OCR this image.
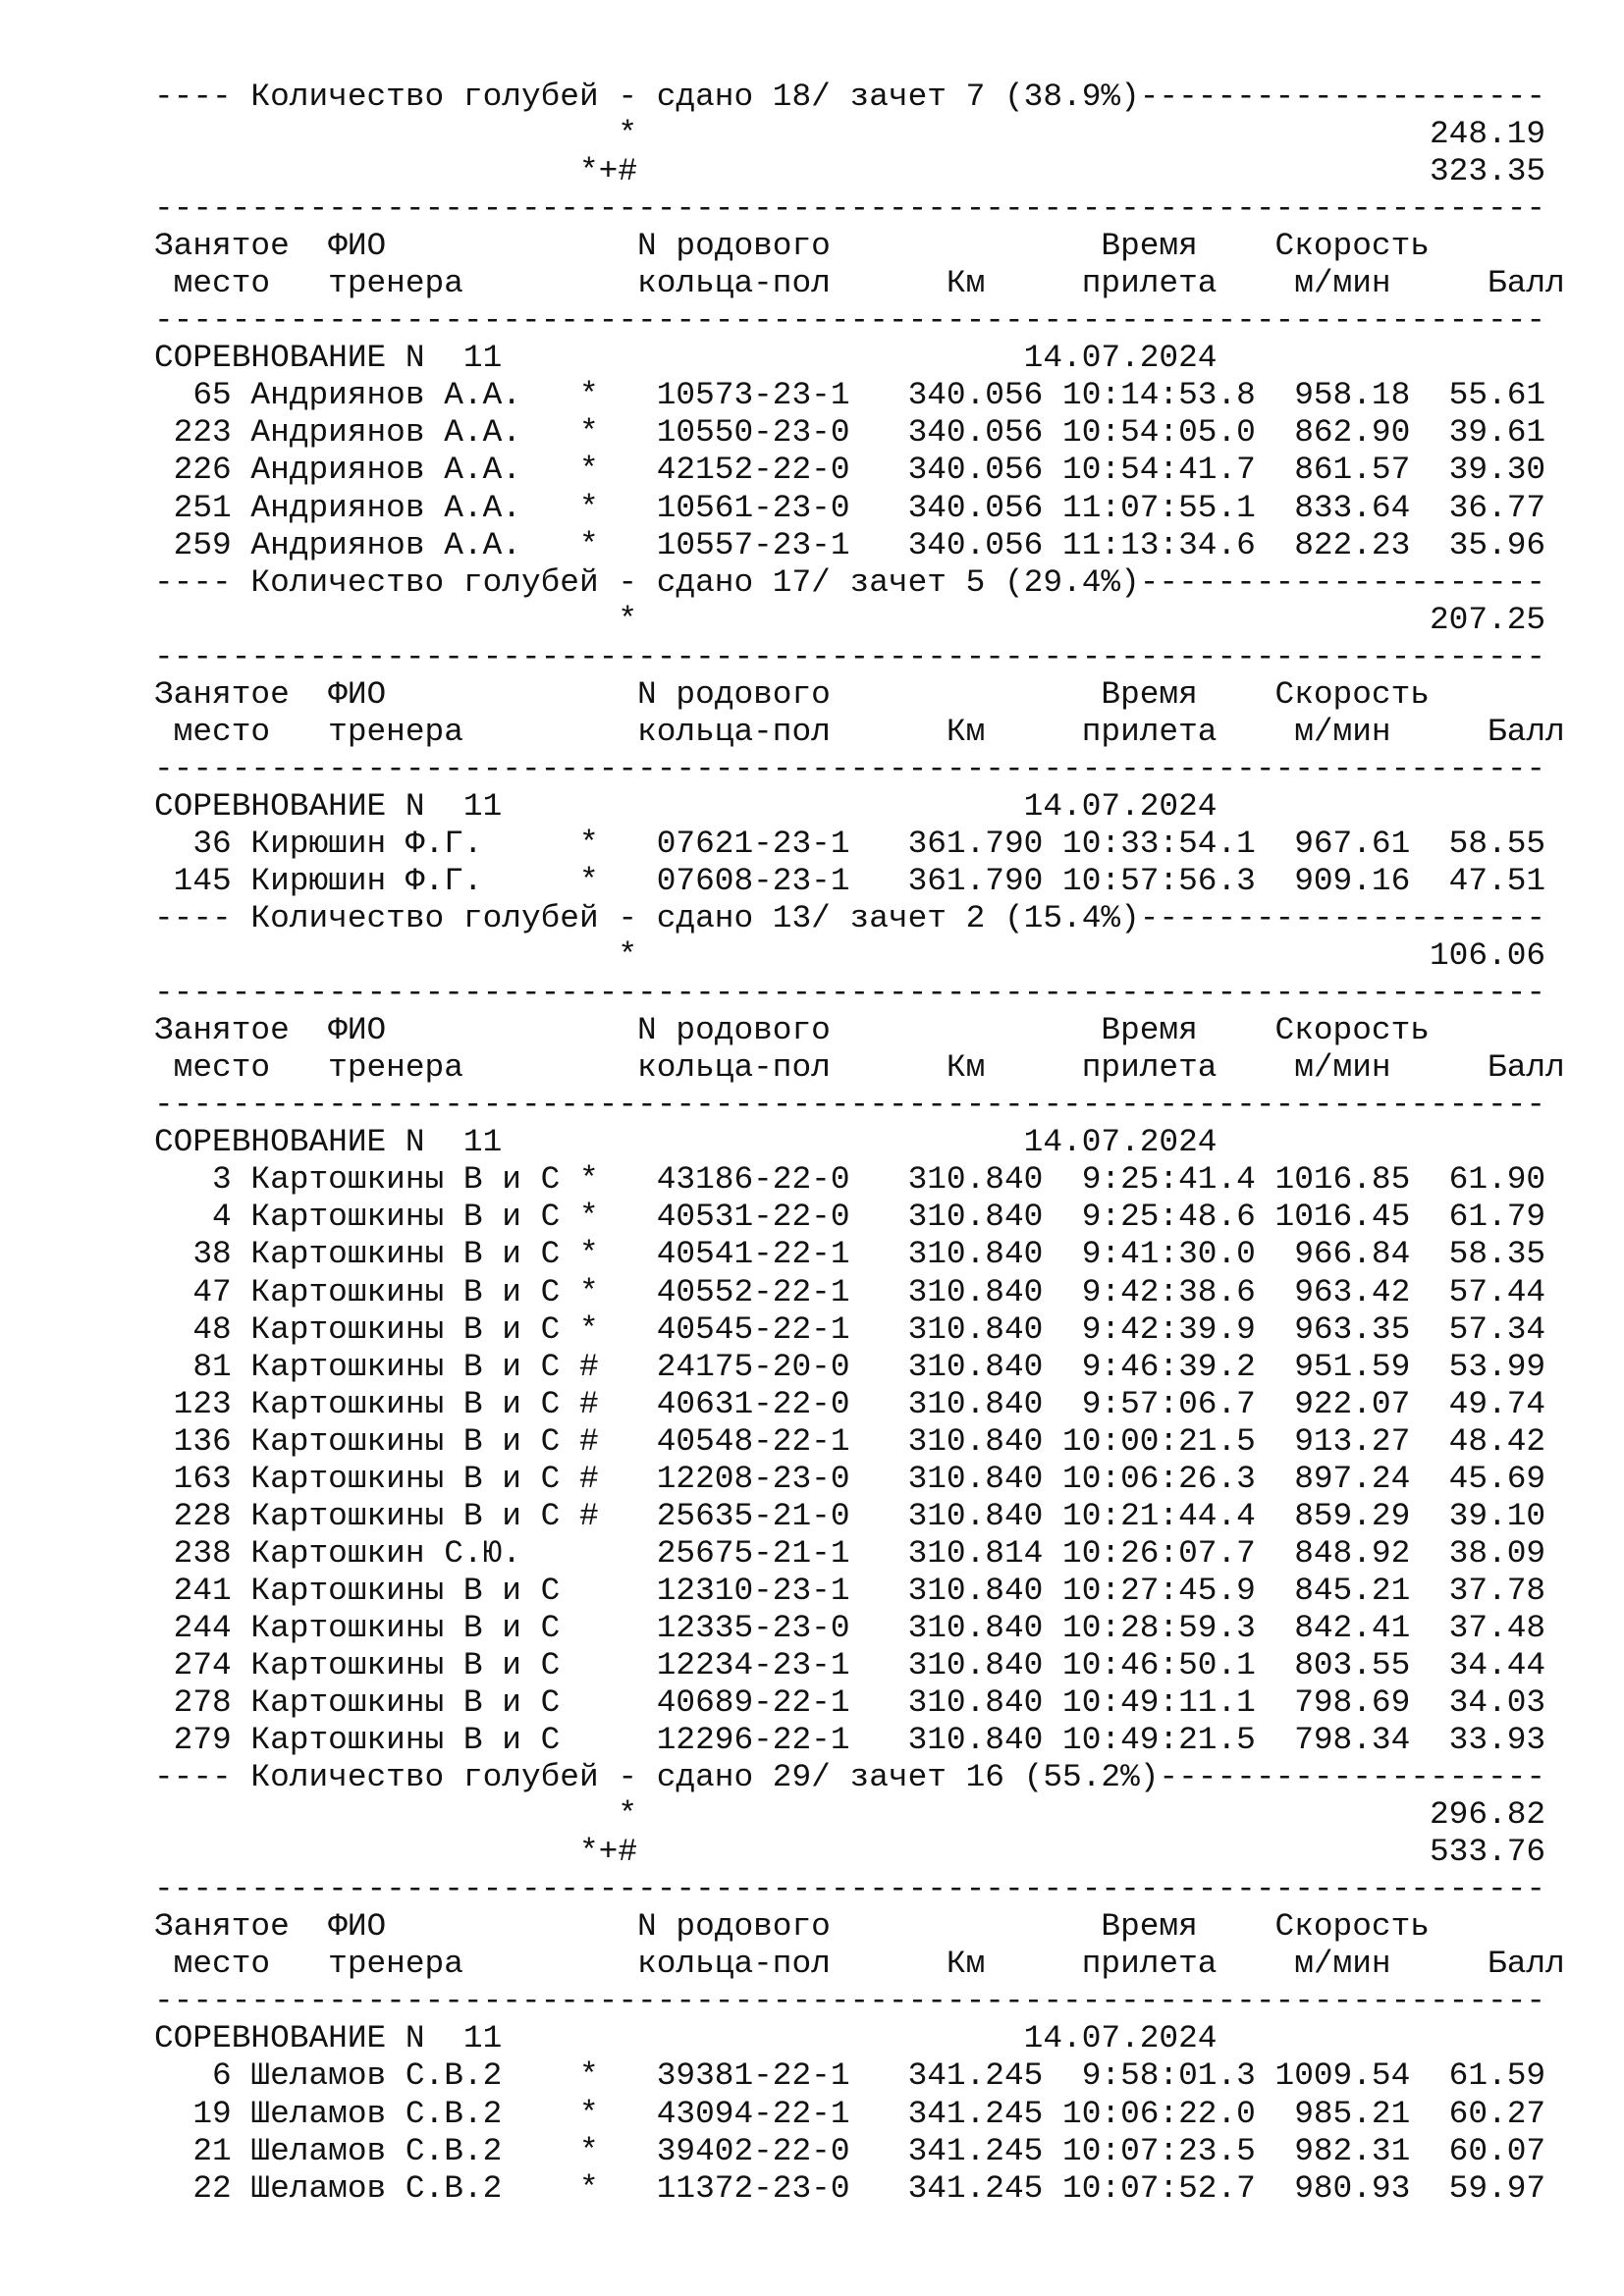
---- Количество голубей - сдано 18/ зачет 7 (38.9%)---------------------
*                                         248.19
*+#                                         323.35
------------------------------------------------------------------------
Занятое  ФИО             N родового              Время    Скорость
место   тренера         кольца-пол      Км     прилета    м/мин     Балл
------------------------------------------------------------------------
СОРЕВНОВАНИЕ N  11                           14.07.2024
65 Андриянов А.А.   *   10573-23-1   340.056 10:14:53.8  958.18  55.61
223 Андриянов А.А.   *   10550-23-0   340.056 10:54:05.0  862.90  39.61
226 Андриянов А.А.   *   42152-22-0   340.056 10:54:41.7  861.57  39.30
251 Андриянов А.А.   *   10561-23-0   340.056 11:07:55.1  833.64  36.77
259 Андриянов А.А.   *   10557-23-1   340.056 11:13:34.6  822.23  35.96
---- Количество голубей - сдано 17/ зачет 5 (29.4%)---------------------
*                                         207.25
------------------------------------------------------------------------
Занятое  ФИО             N родового              Время    Скорость
место   тренера         кольца-пол      Км     прилета    м/мин     Балл
------------------------------------------------------------------------
СОРЕВНОВАНИЕ N  11                           14.07.2024
36 Кирюшин Ф.Г.     *   07621-23-1   361.790 10:33:54.1  967.61  58.55
145 Кирюшин Ф.Г.     *   07608-23-1   361.790 10:57:56.3  909.16  47.51
---- Количество голубей - сдано 13/ зачет 2 (15.4%)---------------------
*                                         106.06
------------------------------------------------------------------------
Занятое  ФИО             N родового              Время    Скорость
место   тренера         кольца-пол      Км     прилета    м/мин     Балл
------------------------------------------------------------------------
СОРЕВНОВАНИЕ N  11                           14.07.2024
3 Картошкины В и С *   43186-22-0   310.840  9:25:41.4 1016.85  61.90
4 Картошкины В и С *   40531-22-0   310.840  9:25:48.6 1016.45  61.79
38 Картошкины В и С *   40541-22-1   310.840  9:41:30.0  966.84  58.35
47 Картошкины В и С *   40552-22-1   310.840  9:42:38.6  963.42  57.44
48 Картошкины В и С *   40545-22-1   310.840  9:42:39.9  963.35  57.34
81 Картошкины В и С #   24175-20-0   310.840  9:46:39.2  951.59  53.99
123 Картошкины В и С #   40631-22-0   310.840  9:57:06.7  922.07  49.74
136 Картошкины В и С #   40548-22-1   310.840 10:00:21.5  913.27  48.42
163 Картошкины В и С #   12208-23-0   310.840 10:06:26.3  897.24  45.69
228 Картошкины В и С #   25635-21-0   310.840 10:21:44.4  859.29  39.10
238 Картошкин С.Ю.       25675-21-1   310.814 10:26:07.7  848.92  38.09
241 Картошкины В и С     12310-23-1   310.840 10:27:45.9  845.21  37.78
244 Картошкины В и С     12335-23-0   310.840 10:28:59.3  842.41  37.48
274 Картошкины В и С     12234-23-1   310.840 10:46:50.1  803.55  34.44
278 Картошкины В и С     40689-22-1   310.840 10:49:11.1  798.69  34.03
279 Картошкины В и С     12296-22-1   310.840 10:49:21.5  798.34  33.93
---- Количество голубей - сдано 29/ зачет 16 (55.2%)--------------------
*                                         296.82
*+#                                         533.76
------------------------------------------------------------------------
Занятое  ФИО             N родового              Время    Скорость
место   тренера         кольца-пол      Км     прилета    м/мин     Балл
------------------------------------------------------------------------
СОРЕВНОВАНИЕ N  11                           14.07.2024
6 Шеламов С.В.2    *   39381-22-1   341.245  9:58:01.3 1009.54  61.59
19 Шеламов С.В.2    *   43094-22-1   341.245 10:06:22.0  985.21  60.27
21 Шеламов С.В.2    *   39402-22-0   341.245 10:07:23.5  982.31  60.07
22 Шеламов С.В.2    *   11372-23-0   341.245 10:07:52.7  980.93  59.97
